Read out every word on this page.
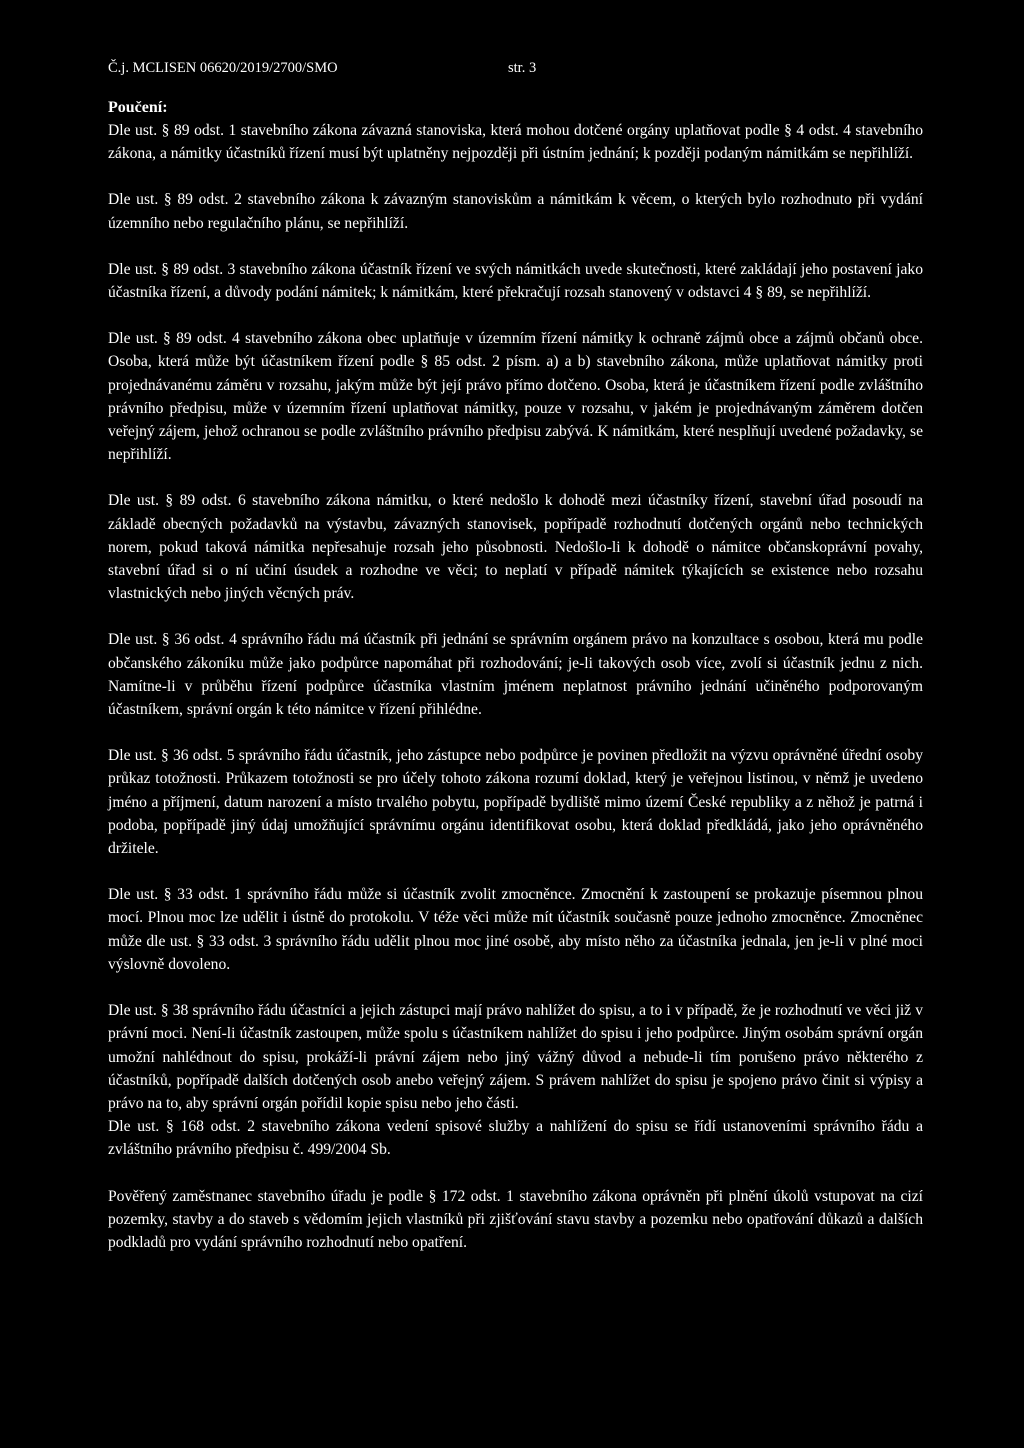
Č.j. MCLISEN 06620/2019/2700/SMO	str. 3
Poučení:

Dle ust. § 89 odst. 1 stavebního zákona závazná stanoviska, která mohou dotčené orgány uplatňovat podle § 4 odst. 4 stavebního zákona, a námitky účastníků řízení musí být uplatněny nejpozději při ústním jednání; k později podaným námitkám se nepřihlíží.

Dle ust. § 89 odst. 2 stavebního zákona k závazným stanoviskům a námitkám k věcem, o kterých bylo rozhodnuto při vydání územního nebo regulačního plánu, se nepřihlíží.

Dle ust. § 89 odst. 3 stavebního zákona účastník řízení ve svých námitkách uvede skutečnosti, které zakládají jeho postavení jako účastníka řízení, a důvody podání námitek; k námitkám, které překračují rozsah stanovený v odstavci 4 § 89, se nepřihlíží.

Dle ust. § 89 odst. 4 stavebního zákona obec uplatňuje v územním řízení námitky k ochraně zájmů obce a zájmů občanů obce. Osoba, která může být účastníkem řízení podle § 85 odst. 2 písm. a) a b) stavebního zákona, může uplatňovat námitky proti projednávanému záměru v rozsahu, jakým může být její právo přímo dotčeno. Osoba, která je účastníkem řízení podle zvláštního právního předpisu, může v územním řízení uplatňovat námitky, pouze v rozsahu, v jakém je projednávaným záměrem dotčen veřejný zájem, jehož ochranou se podle zvláštního právního předpisu zabývá. K námitkám, které nesplňují uvedené požadavky, se nepřihlíží.

Dle ust. § 89 odst. 6 stavebního zákona námitku, o které nedošlo k dohodě mezi účastníky řízení, stavební úřad posoudí na základě obecných požadavků na výstavbu, závazných stanovisek, popřípadě rozhodnutí dotčených orgánů nebo technických norem, pokud taková námitka nepřesahuje rozsah jeho působnosti. Nedošlo-li k dohodě o námitce občanskoprávní povahy, stavební úřad si o ní učiní úsudek a rozhodne ve věci; to neplatí v případě námitek týkajících se existence nebo rozsahu vlastnických nebo jiných věcných práv.

Dle ust. § 36 odst. 4 správního řádu má účastník při jednání se správním orgánem právo na konzultace s osobou, která mu podle občanského zákoníku může jako podpůrce napomáhat při rozhodování; je-li takových osob více, zvolí si účastník jednu z nich. Namítne-li v průběhu řízení podpůrce účastníka vlastním jménem neplatnost právního jednání učiněného podporovaným účastníkem, správní orgán k této námitce v řízení přihlédne.

Dle ust. § 36 odst. 5 správního řádu účastník, jeho zástupce nebo podpůrce je povinen předložit na výzvu oprávněné úřední osoby průkaz totožnosti. Průkazem totožnosti se pro účely tohoto zákona rozumí doklad, který je veřejnou listinou, v němž je uvedeno jméno a příjmení, datum narození a místo trvalého pobytu, popřípadě bydliště mimo území České republiky a z něhož je patrná i podoba, popřípadě jiný údaj umožňující správnímu orgánu identifikovat osobu, která doklad předkládá, jako jeho oprávněného držitele.

Dle ust. § 33 odst. 1 správního řádu může si účastník zvolit zmocněnce. Zmocnění k zastoupení se prokazuje písemnou plnou mocí. Plnou moc lze udělit i ústně do protokolu. V téže věci může mít účastník současně pouze jednoho zmocněnce. Zmocněnec může dle ust. § 33 odst. 3 správního řádu udělit plnou moc jiné osobě, aby místo něho za účastníka jednala, jen je-li v plné moci výslovně dovoleno.

Dle ust. § 38 správního řádu účastníci a jejich zástupci mají právo nahlížet do spisu, a to i v případě, že je rozhodnutí ve věci již v právní moci. Není-li účastník zastoupen, může spolu s účastníkem nahlížet do spisu i jeho podpůrce. Jiným osobám správní orgán umožní nahlédnout do spisu, prokáží-li právní zájem nebo jiný vážný důvod a nebude-li tím porušeno právo některého z účastníků, popřípadě dalších dotčených osob anebo veřejný zájem. S právem nahlížet do spisu je spojeno právo činit si výpisy a právo na to, aby správní orgán pořídil kopie spisu nebo jeho části.

Dle ust. § 168 odst. 2 stavebního zákona vedení spisové služby a nahlížení do spisu se řídí ustanoveními správního řádu a zvláštního právního předpisu č. 499/2004 Sb.

Pověřený zaměstnanec stavebního úřadu je podle § 172 odst. 1 stavebního zákona oprávněn při plnění úkolů vstupovat na cizí pozemky, stavby a do staveb s vědomím jejich vlastníků při zjišťování stavu stavby a pozemku nebo opatřování důkazů a dalších podkladů pro vydání správního rozhodnutí nebo opatření.
